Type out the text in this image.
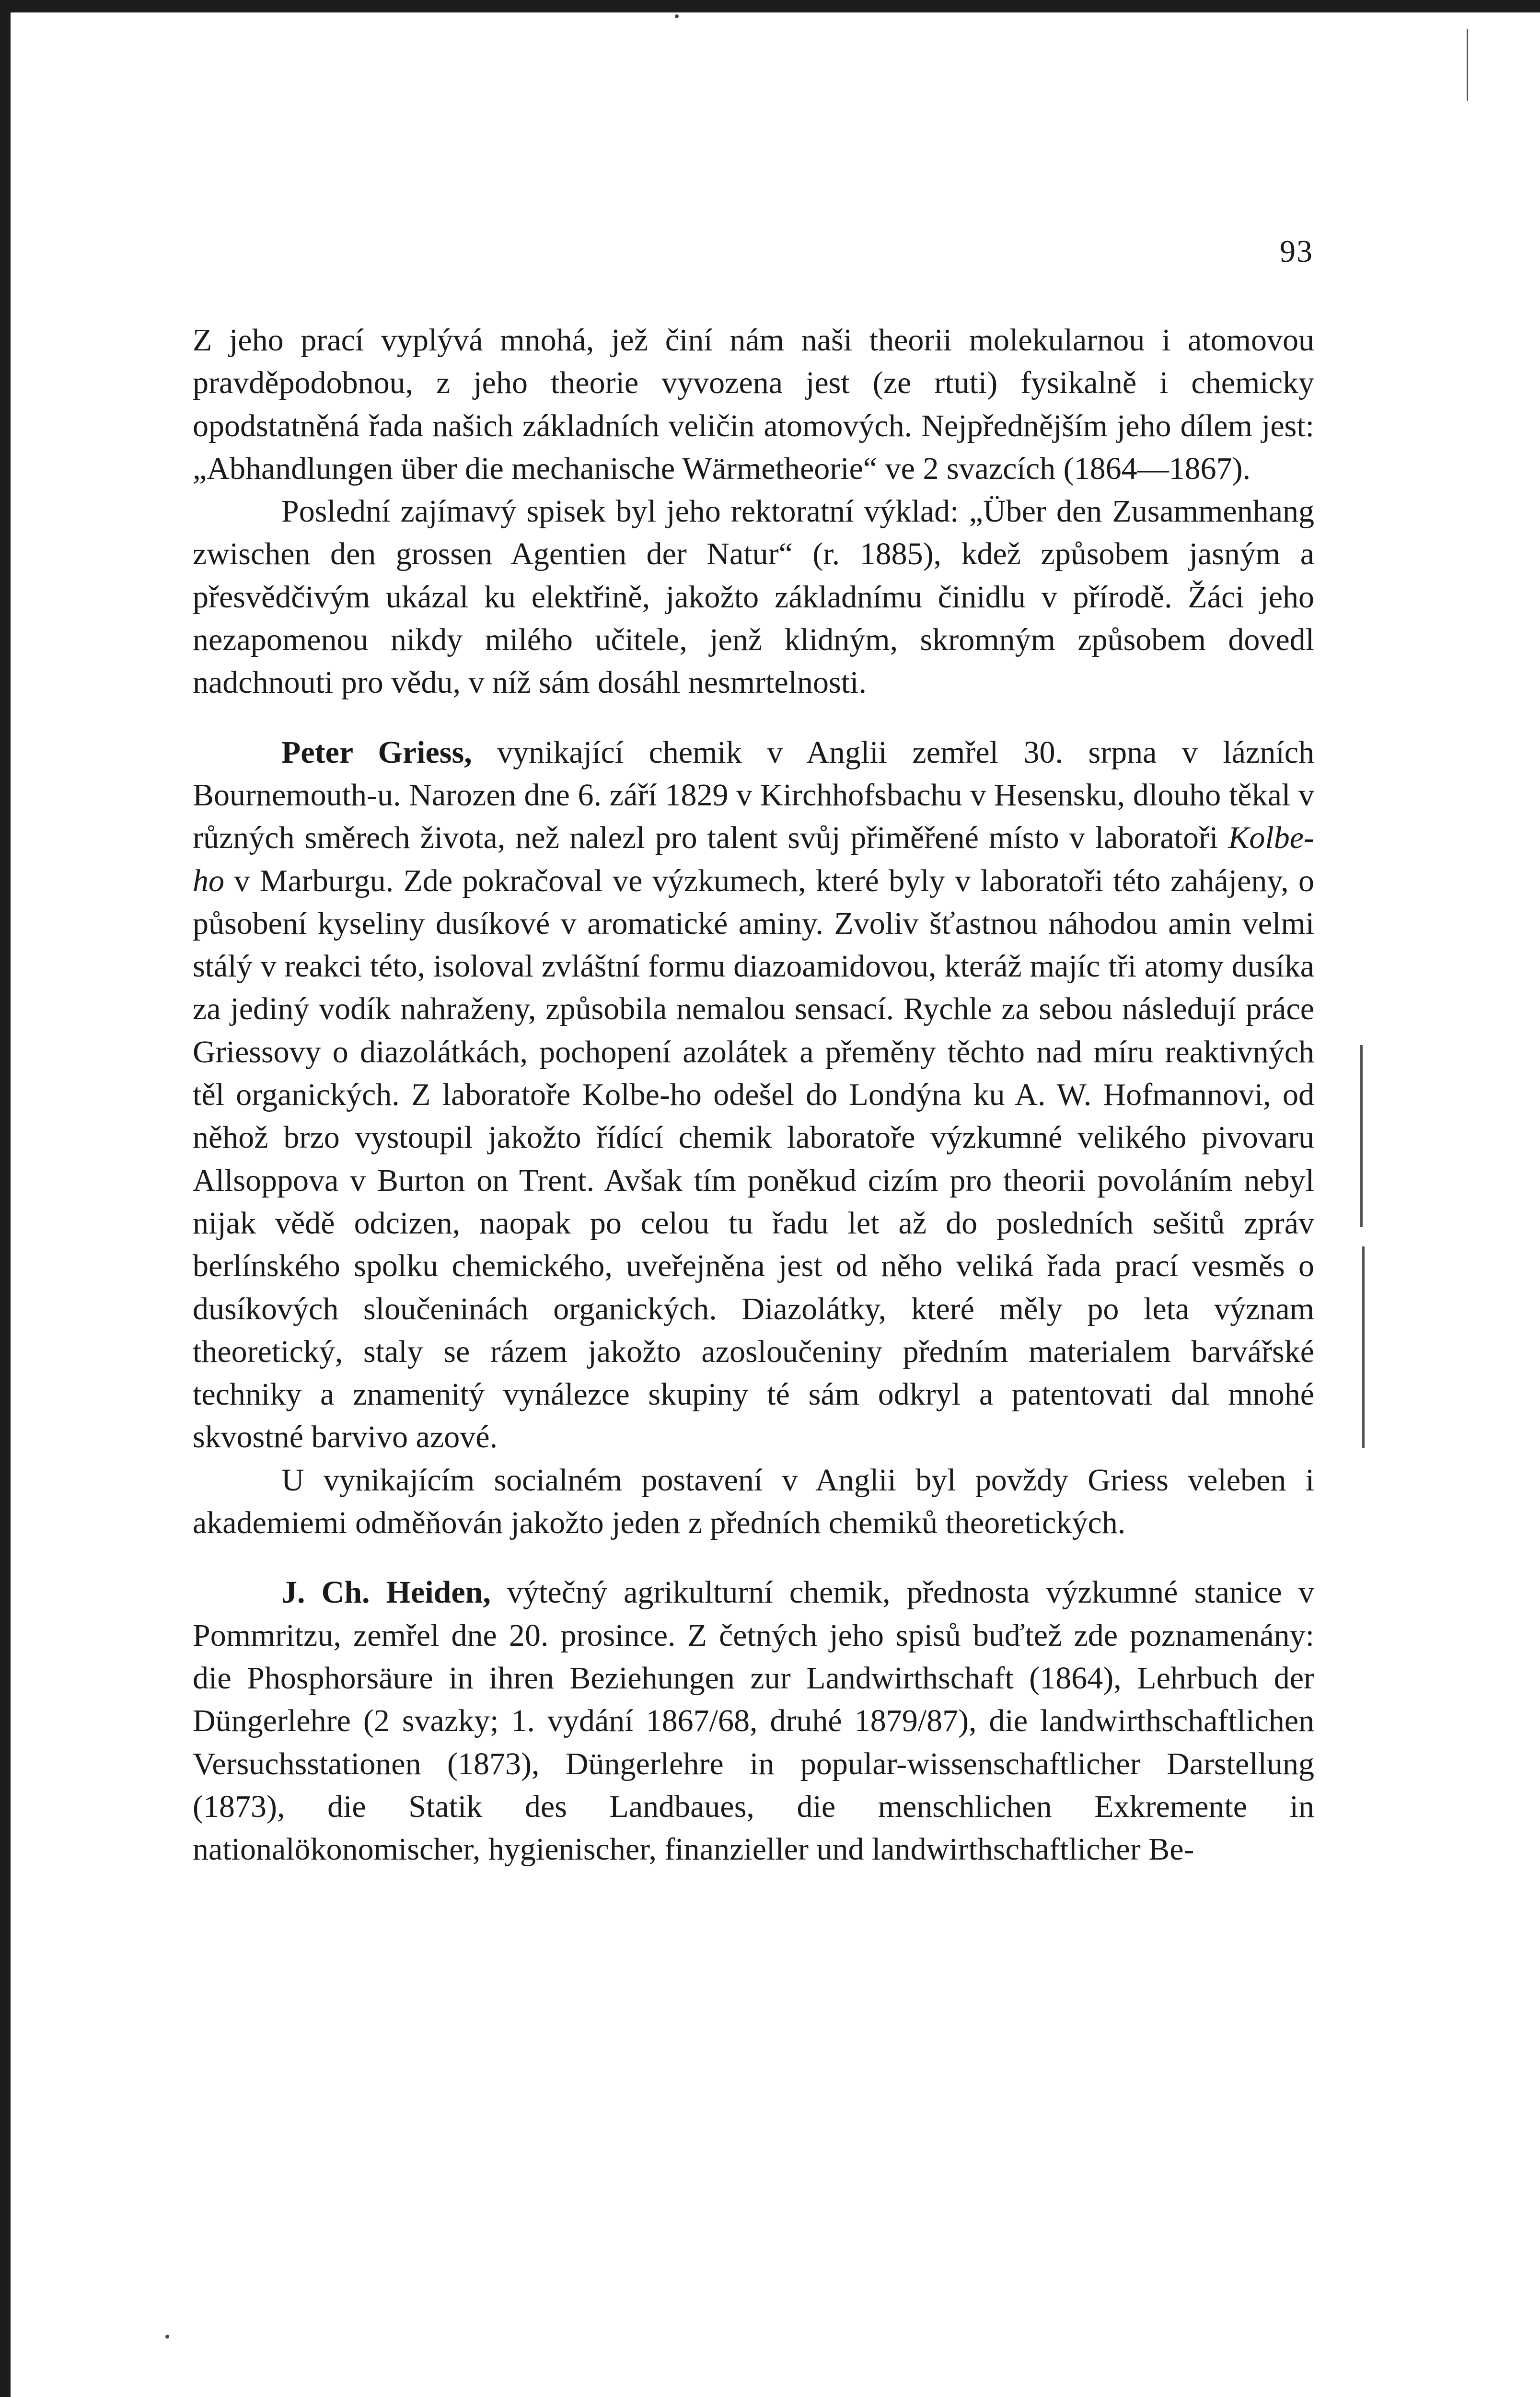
93

Z jeho prací vyplývá mnohá, jež činí nám naši theorii molekularnou i atomovou pravděpodobnou, z jeho theorie vyvozena jest (ze rtuti) fysikalně i chemicky opodstatněná řada našich základních veličin atomových. Nejpřednějším jeho dílem jest: „Abhandlungen über die mechanische Wärmetheorie“ ve 2 svazcích (1864—1867).

Poslední zajímavý spisek byl jeho rektoratní výklad: „Über den Zusammenhang zwischen den grossen Agentien der Natur“ (r. 1885), kdež způsobem jasným a přesvědčivým ukázal ku elektřině, jakožto základnímu činidlu v přírodě. Žáci jeho nezapomenou nikdy milého učitele, jenž klidným, skromným způsobem dovedl nadchnouti pro vědu, v níž sám dosáhl nesmrtelnosti.

Peter Griess, vynikající chemik v Anglii zemřel 30. srpna v lázních Bournemouth-u. Narozen dne 6. září 1829 v Kirchhofsbachu v Hesensku, dlouho těkal v různých směrech života, než nalezl pro talent svůj přiměřené místo v laboratoři Kolbe-ho v Marburgu. Zde pokračoval ve výzkumech, které byly v laboratoři této zahájeny, o působení kyseliny dusíkové v aromatické aminy. Zvoliv šťastnou náhodou amin velmi stálý v reakci této, isoloval zvláštní formu diazoamidovou, kteráž majíc tři atomy dusíka za jediný vodík nahraženy, způsobila nemalou sensací. Rychle za sebou následují práce Griessovy o diazolátkách, pochopení azolátek a přeměny těchto nad míru reaktivných těl organických. Z laboratoře Kolbe-ho odešel do Londýna ku A. W. Hofmannovi, od něhož brzo vystoupil jakožto řídící chemik laboratoře výzkumné velikého pivovaru Allsoppova v Burton on Trent. Avšak tím poněkud cizím pro theorii povoláním nebyl nijak vědě odcizen, naopak po celou tu řadu let až do posledních sešitů zpráv berlínského spolku chemického, uveřejněna jest od něho veliká řada prací vesměs o dusíkových sloučeninách organických. Diazolátky, které měly po leta význam theoretický, staly se rázem jakožto azosloučeniny předním materialem barvářské techniky a znamenitý vynálezce skupiny té sám odkryl a patentovati dal mnohé skvostné barvivo azové.

U vynikajícím socialném postavení v Anglii byl povždy Griess veleben i akademiemi odměňován jakožto jeden z předních chemiků theoretických.

J. Ch. Heiden, výtečný agrikulturní chemik, přednosta výzkumné stanice v Pommritzu, zemřel dne 20. prosince. Z četných jeho spisů buďtež zde poznamenány: die Phosphorsäure in ihren Beziehungen zur Landwirthschaft (1864), Lehrbuch der Düngerlehre (2 svazky; 1. vydání 1867/68, druhé 1879/87), die landwirthschaftlichen Versuchsstationen (1873), Düngerlehre in popular-wissenschaftlicher Darstellung (1873), die Statik des Landbaues, die menschlichen Exkremente in nationalökonomischer, hygienischer, finanzieller und landwirthschaftlicher Be-
